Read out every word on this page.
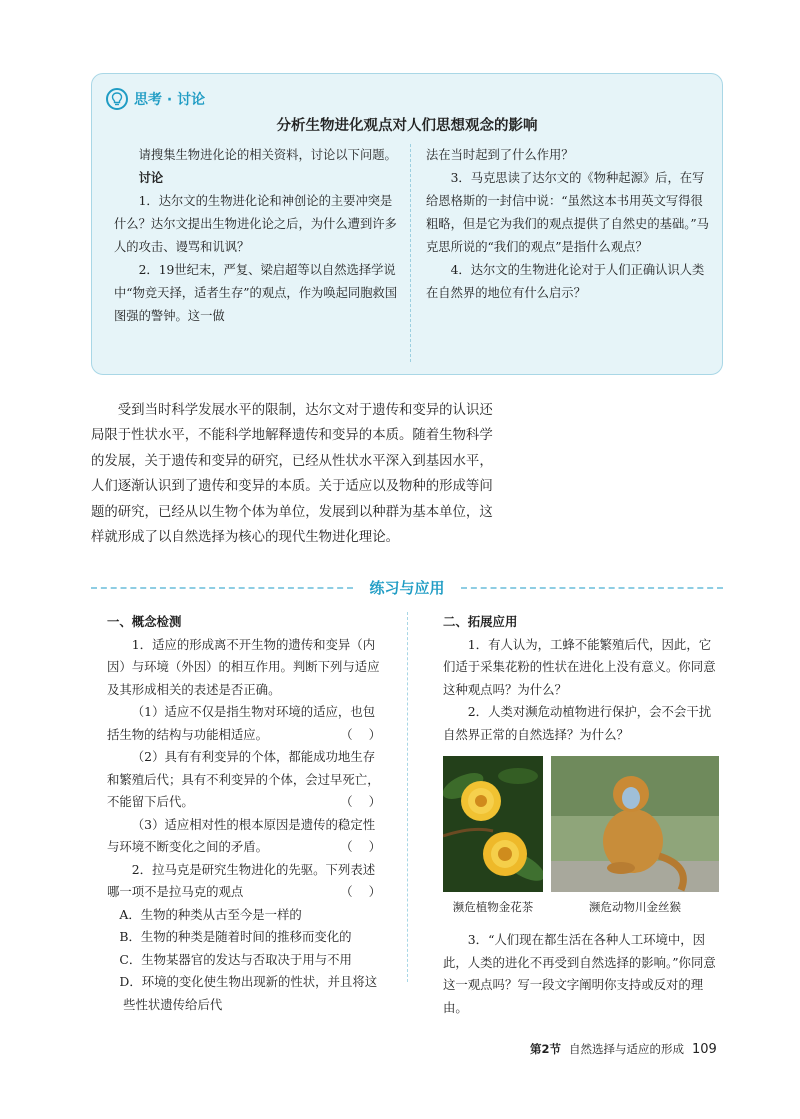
思考 · 讨论
分析生物进化观点对人们思想观念的影响

请搜集生物进化论的相关资料，讨论以下问题。

讨论

1．达尔文的生物进化论和神创论的主要冲突是什么？达尔文提出生物进化论之后，为什么遭到许多人的攻击、谩骂和讥讽？

2．19世纪末，严复、梁启超等以自然选择学说中“物竞天择，适者生存”的观点，作为唤起同胞救国图强的警钟。这一做

法在当时起到了什么作用？

3．马克思读了达尔文的《物种起源》后，在写给恩格斯的一封信中说：“虽然这本书用英文写得很粗略，但是它为我们的观点提供了自然史的基础。”马克思所说的“我们的观点”是指什么观点？

4．达尔文的生物进化论对于人们正确认识人类在自然界的地位有什么启示？

受到当时科学发展水平的限制，达尔文对于遗传和变异的认识还局限于性状水平，不能科学地解释遗传和变异的本质。随着生物科学的发展，关于遗传和变异的研究，已经从性状水平深入到基因水平，人们逐渐认识到了遗传和变异的本质。关于适应以及物种的形成等问题的研究，已经从以生物个体为单位，发展到以种群为基本单位，这样就形成了以自然选择为核心的现代生物进化理论。

练习与应用

一、概念检测

1．适应的形成离不开生物的遗传和变异（内因）与环境（外因）的相互作用。判断下列与适应及其形成相关的表述是否正确。

（1）适应不仅是指生物对环境的适应，也包括生物的结构与功能相适应。	（ ）

（2）具有有利变异的个体，都能成功地生存和繁殖后代；具有不利变异的个体，会过早死亡，不能留下后代。	（ ）

（3）适应相对性的根本原因是遗传的稳定性与环境不断变化之间的矛盾。	（ ）

2．拉马克是研究生物进化的先驱。下列表述哪一项不是拉马克的观点	（ ）

A．生物的种类从古至今是一样的

B．生物的种类是随着时间的推移而变化的

C．生物某器官的发达与否取决于用与不用

D．环境的变化使生物出现新的性状，并且将这些性状遗传给后代

二、拓展应用

1．有人认为，工蜂不能繁殖后代，因此，它们适于采集花粉的性状在进化上没有意义。你同意这种观点吗？为什么？

2．人类对濒危动植物进行保护，会不会干扰自然界正常的自然选择？为什么？

濒危植物金花茶	濒危动物川金丝猴

3．“人们现在都生活在各种人工环境中，因此，人类的进化不再受到自然选择的影响。”你同意这一观点吗？写一段文字阐明你支持或反对的理由。

第2节 自然选择与适应的形成 109
